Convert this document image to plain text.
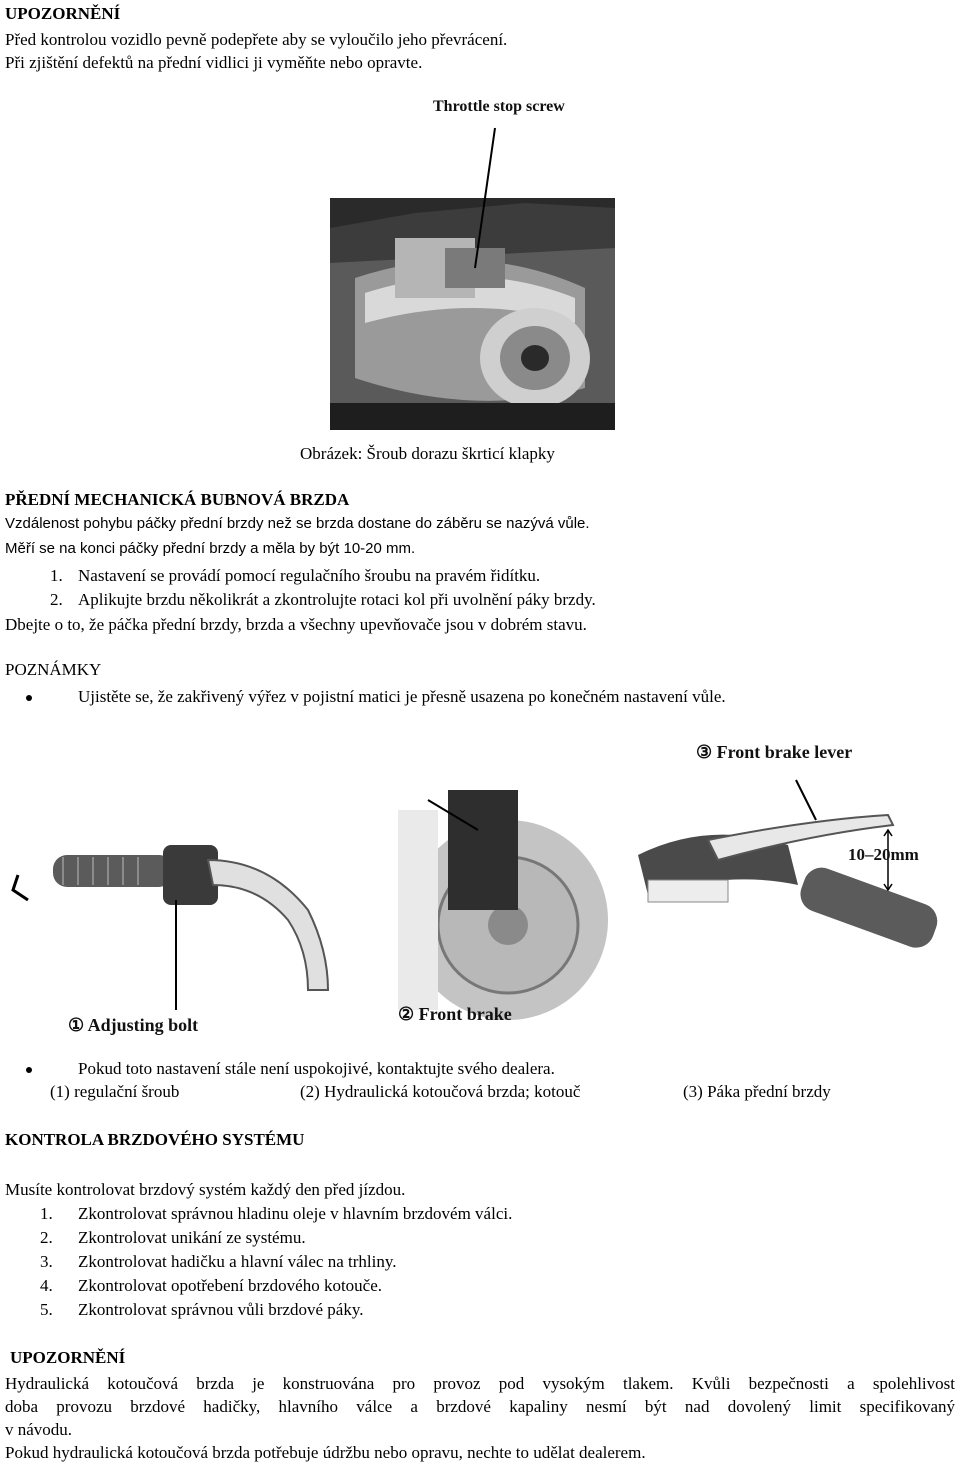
UPOZORNĚNÍ
Před kontrolou vozidlo pevně podepřete aby se vyloučilo jeho převrácení.
Při zjištění defektů na přední vidlici ji vyměňte nebo opravte.
Throttle stop screw
Obrázek: Šroub dorazu škrticí klapky
PŘEDNÍ MECHANICKÁ BUBNOVÁ BRZDA
Vzdálenost pohybu páčky přední brzdy než se brzda dostane do záběru se nazývá vůle.
Měří se na konci páčky přední brzdy a měla by být 10-20 mm.
1. Nastavení se provádí pomocí regulačního šroubu na pravém řidítku.
2. Aplikujte brzdu několikrát a zkontrolujte rotaci kol při uvolnění páky brzdy.
Dbejte o to, že páčka přední brzdy, brzda a všechny upevňovače jsou v dobrém stavu.
POZNÁMKY
Ujistěte se, že zakřivený výřez v pojistní matici je přesně usazena po konečném nastavení vůle.
① Adjusting bolt
② Front brake
③ Front brake lever
10–20mm
Pokud toto nastavení stále není uspokojivé, kontaktujte svého dealera.
(1) regulační šroub	(2) Hydraulická kotoučová brzda; kotouč	(3) Páka přední brzdy
KONTROLA BRZDOVÉHO SYSTÉMU
Musíte kontrolovat brzdový systém každý den před jízdou.
1. Zkontrolovat správnou hladinu oleje v hlavním brzdovém válci.
2. Zkontrolovat unikání ze systému.
3. Zkontrolovat hadičku a hlavní válec na trhliny.
4. Zkontrolovat opotřebení brzdového kotouče.
5. Zkontrolovat správnou vůli brzdové páky.
UPOZORNĚNÍ
Hydraulická kotoučová brzda je konstruována pro provoz pod vysokým tlakem. Kvůli bezpečnosti a spolehlivost
doba provozu brzdové hadičky, hlavního válce a brzdové kapaliny nesmí být nad dovolený limit specifikovaný
v návodu.
Pokud hydraulická kotoučová brzda potřebuje údržbu nebo opravu, nechte to udělat dealerem.
